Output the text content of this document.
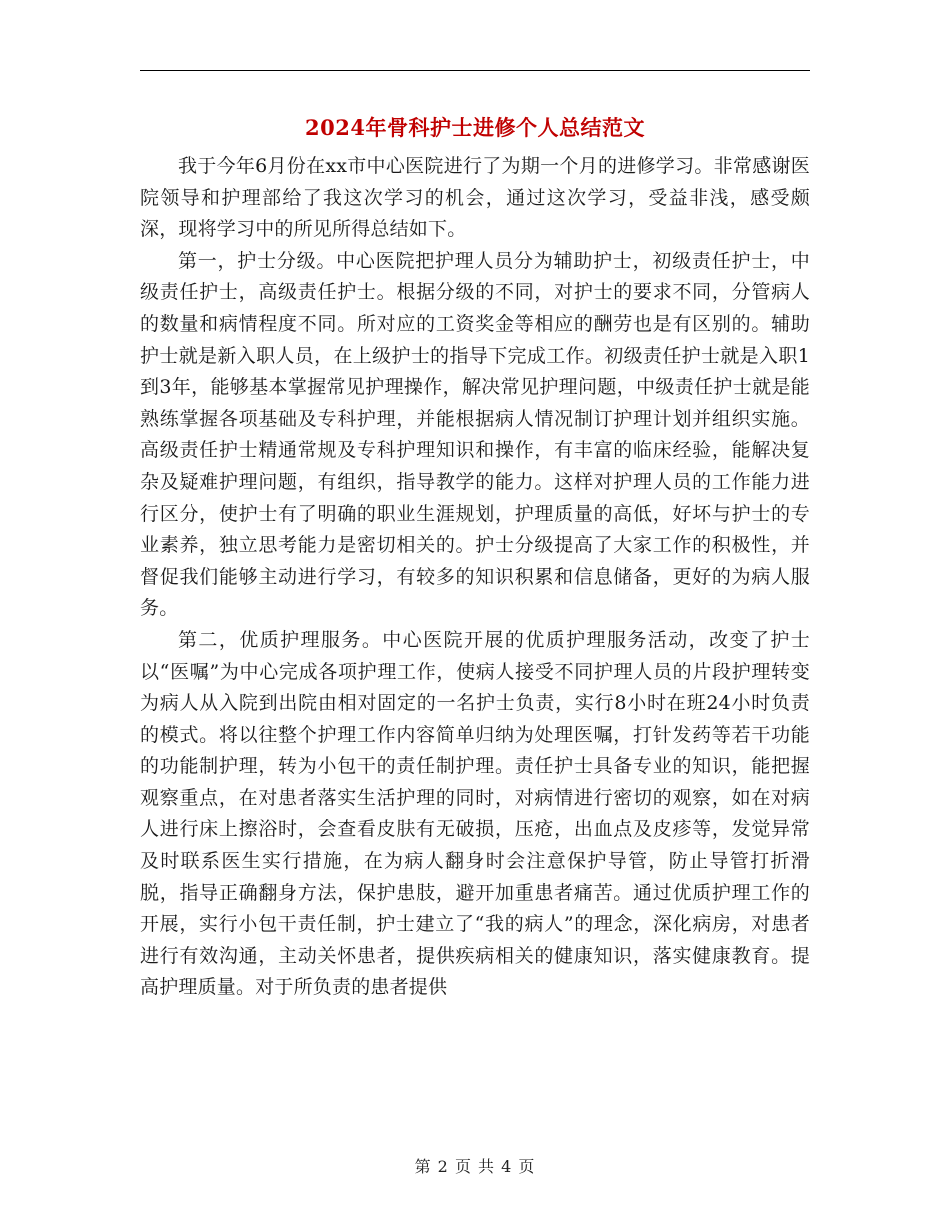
2024年骨科护士进修个人总结范文

我于今年6月份在xx市中心医院进行了为期一个月的进修学习。非常感谢医院领导和护理部给了我这次学习的机会，通过这次学习，受益非浅，感受颇深，现将学习中的所见所得总结如下。

第一，护士分级。中心医院把护理人员分为辅助护士，初级责任护士，中级责任护士，高级责任护士。根据分级的不同，对护士的要求不同，分管病人的数量和病情程度不同。所对应的工资奖金等相应的酬劳也是有区别的。辅助护士就是新入职人员，在上级护士的指导下完成工作。初级责任护士就是入职1到3年，能够基本掌握常见护理操作，解决常见护理问题，中级责任护士就是能熟练掌握各项基础及专科护理，并能根据病人情况制订护理计划并组织实施。高级责任护士精通常规及专科护理知识和操作，有丰富的临床经验，能解决复杂及疑难护理问题，有组织，指导教学的能力。这样对护理人员的工作能力进行区分，使护士有了明确的职业生涯规划，护理质量的高低，好坏与护士的专业素养，独立思考能力是密切相关的。护士分级提高了大家工作的积极性，并督促我们能够主动进行学习，有较多的知识积累和信息储备，更好的为病人服务。

第二，优质护理服务。中心医院开展的优质护理服务活动，改变了护士以“医嘱”为中心完成各项护理工作，使病人接受不同护理人员的片段护理转变为病人从入院到出院由相对固定的一名护士负责，实行8小时在班24小时负责的模式。将以往整个护理工作内容简单归纳为处理医嘱，打针发药等若干功能的功能制护理，转为小包干的责任制护理。责任护士具备专业的知识，能把握观察重点，在对患者落实生活护理的同时，对病情进行密切的观察，如在对病人进行床上擦浴时，会查看皮肤有无破损，压疮，出血点及皮疹等，发觉异常及时联系医生实行措施，在为病人翻身时会注意保护导管，防止导管打折滑脱，指导正确翻身方法，保护患肢，避开加重患者痛苦。通过优质护理工作的开展，实行小包干责任制，护士建立了“我的病人”的理念，深化病房，对患者进行有效沟通，主动关怀患者，提供疾病相关的健康知识，落实健康教育。提高护理质量。对于所负责的患者提供

第 2 页 共 4 页
